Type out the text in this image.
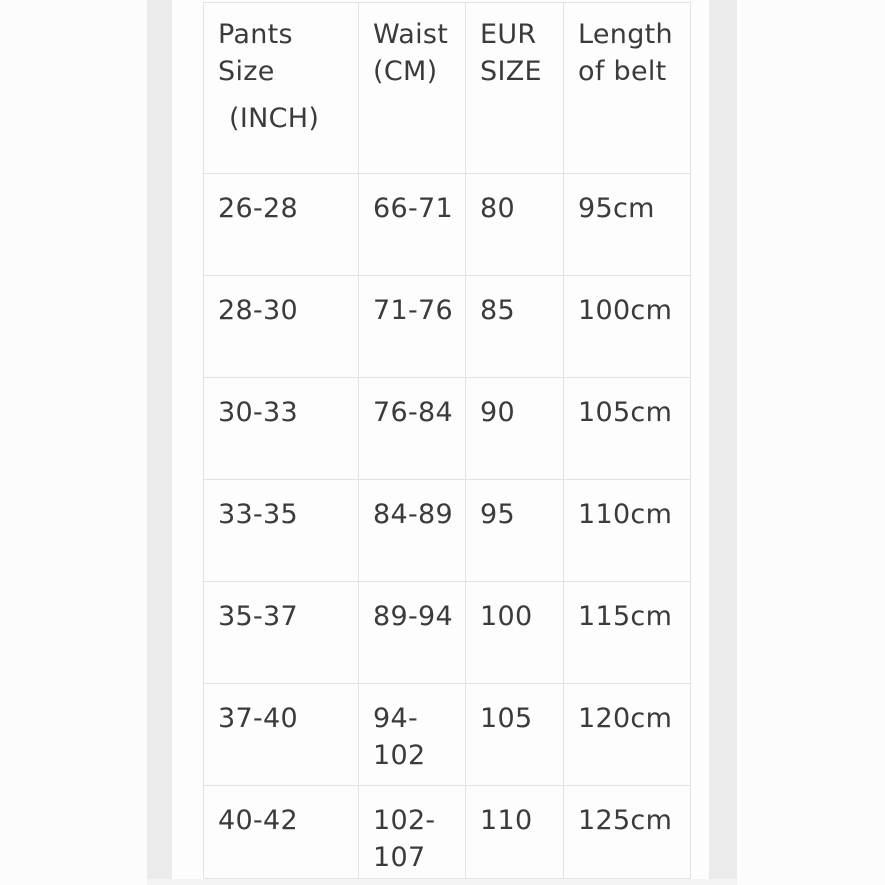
Pants Size
(INCH)	Waist (CM)	EUR SIZE	Length of belt
26-28	66-71	80	95cm
28-30	71-76	85	100cm
30-33	76-84	90	105cm
33-35	84-89	95	110cm
35-37	89-94	100	115cm
37-40	94-102	105	120cm
40-42	102-107	110	125cm
